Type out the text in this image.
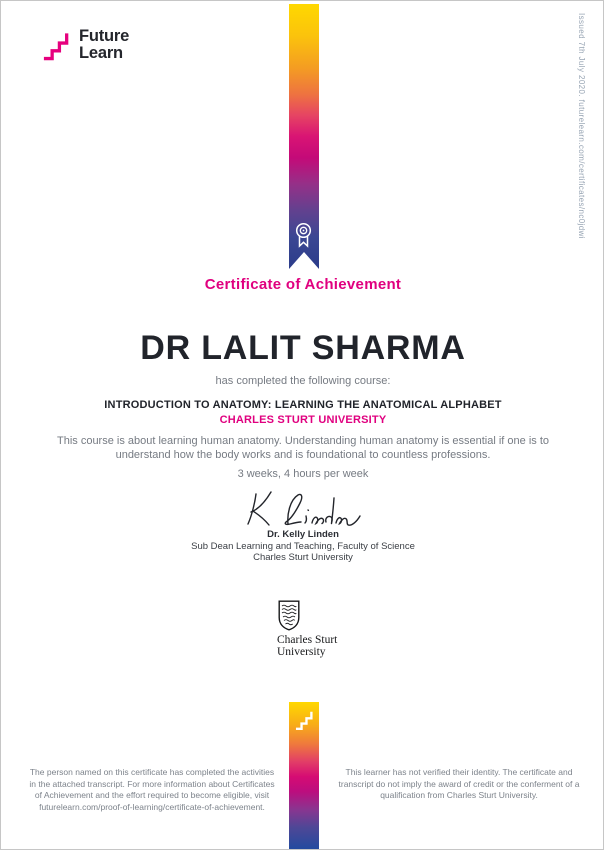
Future
Learn	Issued 7th July 2020. futurelearn.com/certificates/nc0jdwi
Certificate of Achievement
DR LALIT SHARMA
has completed the following course:
INTRODUCTION TO ANATOMY: LEARNING THE ANATOMICAL ALPHABET
CHARLES STURT UNIVERSITY
This course is about learning human anatomy. Understanding human anatomy is essential if one is to understand how the body works and is foundational to countless professions.
3 weeks, 4 hours per week
Dr. Kelly Linden
Sub Dean Learning and Teaching, Faculty of Science
Charles Sturt University
Charles Sturt
University
The person named on this certificate has completed the activities in the attached transcript. For more information about Certificates of Achievement and the effort required to become eligible, visit futurelearn.com/proof-of-learning/certificate-of-achievement.
This learner has not verified their identity. The certificate and transcript do not imply the award of credit or the conferment of a qualification from Charles Sturt University.
